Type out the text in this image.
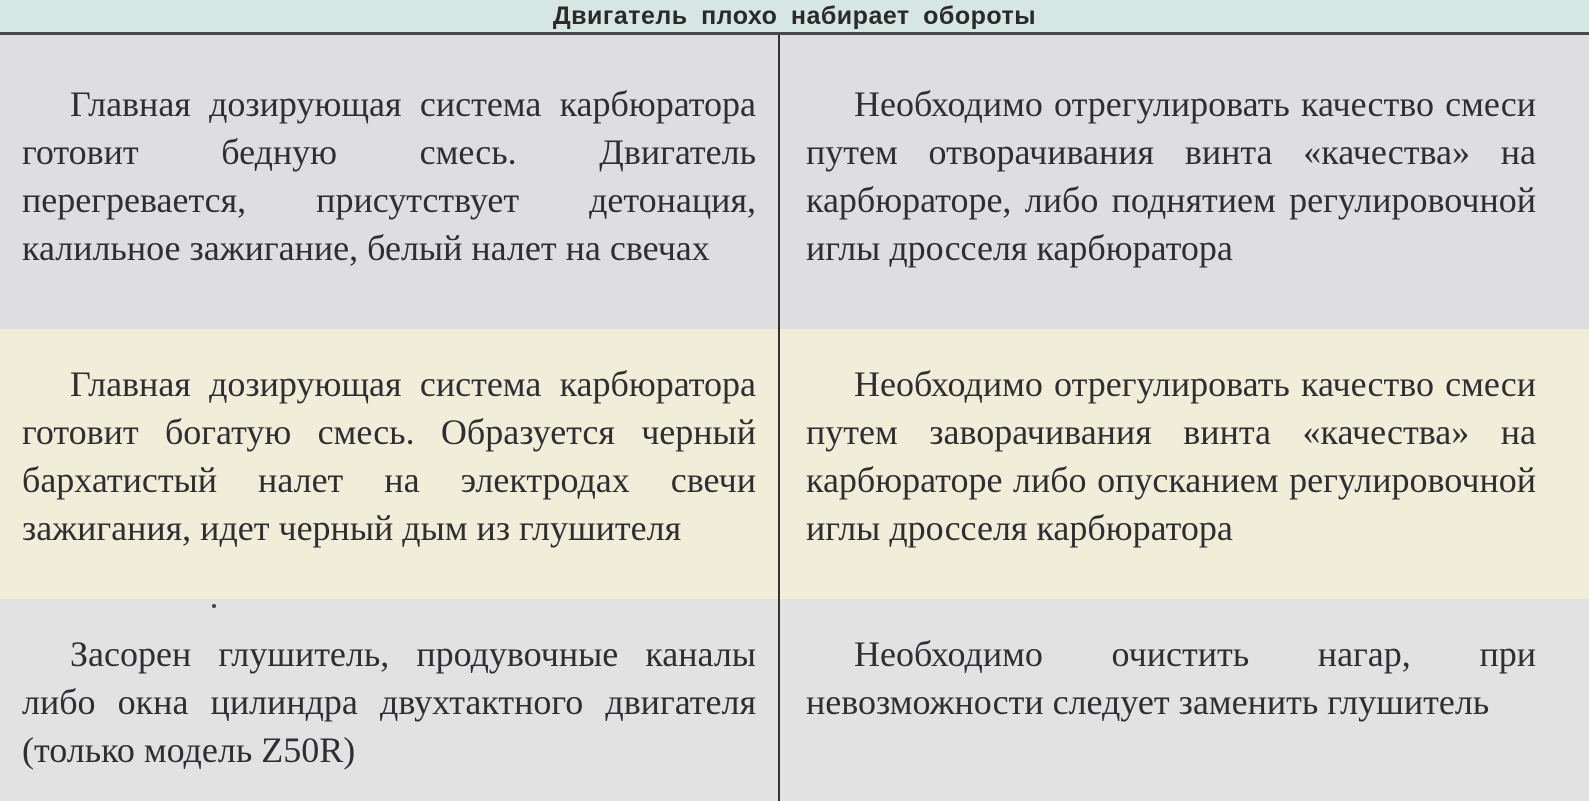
Двигатель плохо набирает обороты
Главная дозирующая система карбюратора готовит бедную смесь. Двигатель перегревается, присутствует детонация, калильное зажигание, белый налет на свечах
Необходимо отрегулировать качество смеси путем отворачивания винта «качества» на карбюраторе, либо поднятием регулировочной иглы дросселя карбюратора
Главная дозирующая система карбюратора готовит богатую смесь. Образуется черный бархатистый налет на электродах свечи зажигания, идет черный дым из глушителя
Необходимо отрегулировать качество смеси путем заворачивания винта «качества» на карбюраторе либо опусканием регулировочной иглы дросселя карбюратора
Засорен глушитель, продувочные каналы либо окна цилиндра двухтактного двигателя (только модель Z50R)
Необходимо очистить нагар, при невозможности следует заменить глушитель
